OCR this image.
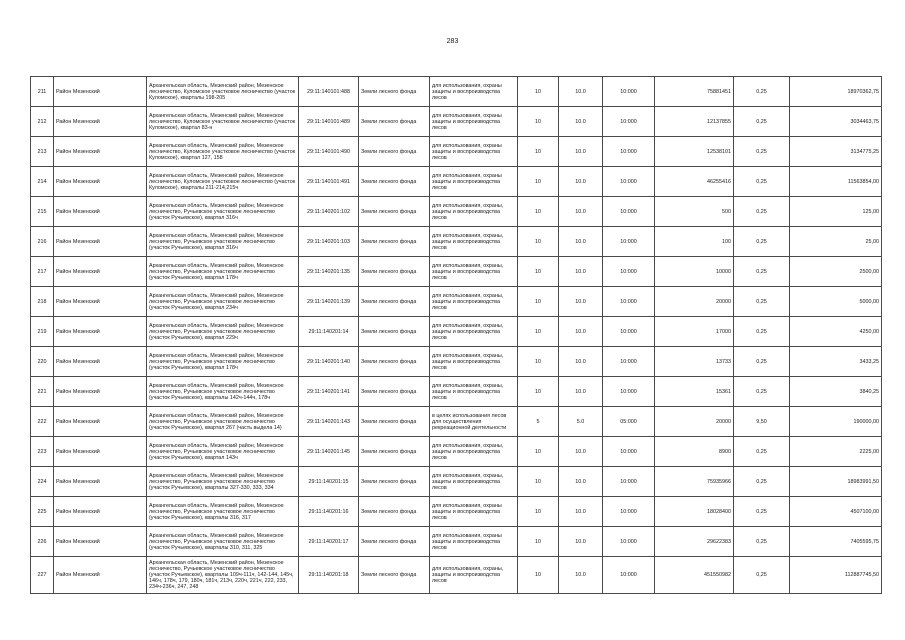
283
211	Район Мезенский	Архангельская область, Мезенский район, Мезенское лесничество, Куломское участковое лесничество (участок Куломское), кварталы 198-205	29:11:140101:488	Земли лесного фонда	для использования, охраны защиты и воспроизводства лесов	10	10.0	10:000	75881451	0,25	18970362,75
212	Район Мезенский	Архангельская область, Мезенский район, Мезенское лесничество, Куломское участковое лесничество (участок Куломское), квартал 83-н	29:11:140101:489	Земли лесного фонда	для использования, охраны защиты и воспроизводства лесов	10	10.0	10:000	12137855	0,25	3034463,75
213	Район Мезенский	Архангельская область, Мезенский район, Мезенское лесничество, Куломское участковое лесничество (участок Куломское), квартал 127, 158	29:11:140101:490	Земли лесного фонда	для использования, охраны защиты и воспроизводства лесов	10	10.0	10:000	12538101	0,25	3134775,25
214	Район Мезенский	Архангельская область, Мезенский район, Мезенское лесничество, Куломское участковое лесничество (участок Куломское), кварталы 211-214,215ч	29:11:140101:491	Земли лесного фонда	для использования, охраны защиты и воспроизводства лесов	10	10.0	10:000	46255416	0,25	11563854,00
215	Район Мезенский	Архангельская область, Мезенский район, Мезенское лесничество, Ручьевское участковое лесничество (участок Ручьевское), квартал 316ч	29:11:140201:102	Земли лесного фонда	для использования, охраны, защиты и воспроизводства лесов	10	10.0	10:000	500	0,25	125,00
216	Район Мезенский	Архангельская область, Мезенский район, Мезенское лесничество, Ручьевское участковое лесничество (участок Ручьевское), квартал 316ч	29:11:140201:103	Земли лесного фонда	для использования, охраны, защиты и воспроизводства лесов	10	10.0	10:000	100	0,25	25,00
217	Район Мезенский	Архангельская область, Мезенский район, Мезенское лесничество, Ручьевское участковое лесничество (участок Ручьевское), квартал 178ч	29:11:140201:135	Земли лесного фонда	для использования, охраны, защиты и воспроизводства лесов	10	10.0	10:000	10000	0,25	2500,00
218	Район Мезенский	Архангельская область, Мезенский район, Мезенское лесничество, Ручьевское участковое лесничество (участок Ручьевское), квартал 234ч	29:11:140201:139	Земли лесного фонда	для использования, охраны, защиты и воспроизводства лесов	10	10.0	10:000	20000	0,25	5000,00
219	Район Мезенский	Архангельская область, Мезенский район, Мезенское лесничество, Ручьевское участковое лесничество (участок Ручьевское), квартал 229ч	29:11:140201:14	Земли лесного фонда	для использования, охраны, защиты и воспроизводства лесов	10	10.0	10:000	17000	0,25	4250,00
220	Район Мезенский	Архангельская область, Мезенский район, Мезенское лесничество, Ручьевское участковое лесничество (участок Ручьевское), квартал 178ч	29:11:140201:140	Земли лесного фонда	для использования, охраны, защиты и воспроизводства лесов	10	10.0	10:000	13733	0,25	3433,25
221	Район Мезенский	Архангельская область, Мезенский район, Мезенское лесничество, Ручьевское участковое лесничество (участок Ручьевское), кварталы 142ч-144ч, 178ч	29:11:140201:141	Земли лесного фонда	для использования, охраны, защиты и воспроизводства лесов	10	10.0	10:000	15361	0,25	3840,25
222	Район Мезенский	Архангельская область, Мезенский район, Мезенское лесничество, Ручьевское участковое лесничество (участок Ручьевское), квартал 267 (часть выдела 14)	29:11:140201:143	Земли лесного фонда	в целях использования лесов для осуществления рекреационной деятельности	5	5.0	05:000	20000	9,50	190000,00
223	Район Мезенский	Архангельская область, Мезенский район, Мезенское лесничество, Ручьевское участковое лесничество (участок Ручьевское), квартал 143ч	29:11:140201:145	Земли лесного фонда	для использования, охраны, защиты и воспроизводства лесов	10	10.0	10:000	8900	0,25	2225,00
224	Район Мезенский	Архангельская область, Мезенский район, Мезенское лесничество, Ручьевское участковое лесничество (участок Ручьевское), кварталы 327-330, 333, 334	29:11:140201:15	Земли лесного фонда	для использования, охраны, защиты и воспроизводства лесов	10	10.0	10:000	75935966	0,25	18983991,50
225	Район Мезенский	Архангельская область, Мезенский район, Мезенское лесничество, Ручьевское участковое лесничество (участок Ручьевское), кварталы 316, 317	29:11:140201:16	Земли лесного фонда	для использования, охраны защиты и воспроизводства лесов	10	10.0	10:000	18028400	0,25	4507100,00
226	Район Мезенский	Архангельская область, Мезенский район, Мезенское лесничество, Ручьевское участковое лесничество (участок Ручьевское), кварталы 310, 311, 325	29:11:140201:17	Земли лесного фонда	для использования, охраны защиты и воспроизводства лесов	10	10.0	10:000	29622383	0,25	7405595,75
227	Район Мезенский	Архангельская область, Мезенский район, Мезенское лесничество, Ручьевское участковое лесничество (участок Ручьевское), кварталы 109ч-111ч, 142-144, 145ч, 146ч, 178ч, 179, 180ч, 181ч, 213ч, 220ч, 221ч, 222, 233, 234ч-236ч, 247, 248	29:11:140201:18	Земли лесного фонда	для использования, охраны, защиты и воспроизводства лесов	10	10.0	10:000	451550982	0,25	112887745,50
